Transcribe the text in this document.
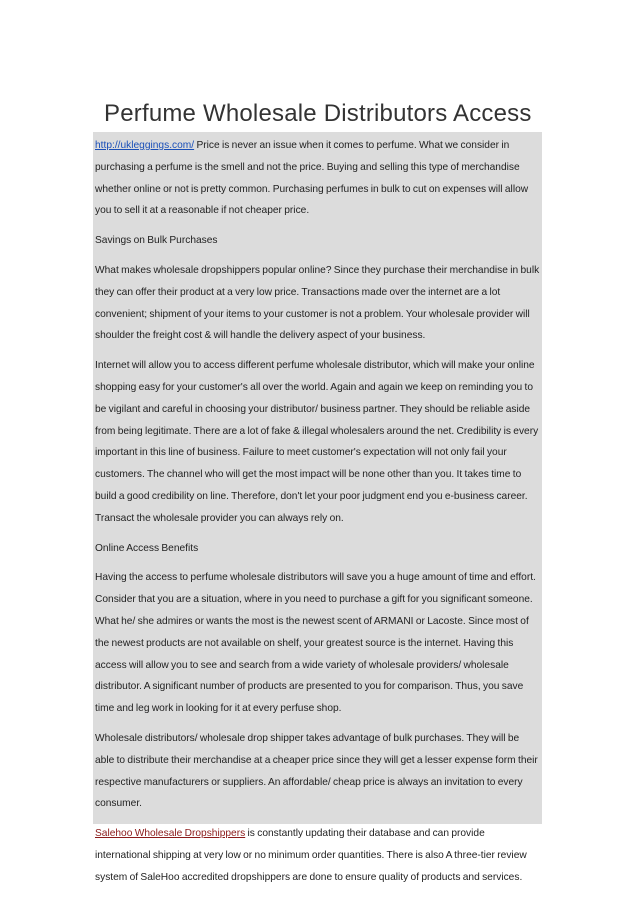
Perfume Wholesale Distributors Access

http://ukleggings.com/ Price is never an issue when it comes to perfume. What we consider in purchasing a perfume is the smell and not the price. Buying and selling this type of merchandise whether online or not is pretty common. Purchasing perfumes in bulk to cut on expenses will allow you to sell it at a reasonable if not cheaper price.

Savings on Bulk Purchases

What makes wholesale dropshippers popular online? Since they purchase their merchandise in bulk they can offer their product at a very low price. Transactions made over the internet are a lot convenient; shipment of your items to your customer is not a problem. Your wholesale provider will shoulder the freight cost & will handle the delivery aspect of your business.

Internet will allow you to access different perfume wholesale distributor, which will make your online shopping easy for your customer's all over the world. Again and again we keep on reminding you to be vigilant and careful in choosing your distributor/ business partner. They should be reliable aside from being legitimate. There are a lot of fake & illegal wholesalers around the net. Credibility is every important in this line of business. Failure to meet customer's expectation will not only fail your customers. The channel who will get the most impact will be none other than you. It takes time to build a good credibility on line. Therefore, don't let your poor judgment end you e-business career. Transact the wholesale provider you can always rely on.

Online Access Benefits

Having the access to perfume wholesale distributors will save you a huge amount of time and effort. Consider that you are a situation, where in you need to purchase a gift for you significant someone. What he/ she admires or wants the most is the newest scent of ARMANI or Lacoste. Since most of the newest products are not available on shelf, your greatest source is the internet. Having this access will allow you to see and search from a wide variety of wholesale providers/ wholesale distributor. A significant number of products are presented to you for comparison. Thus, you save time and leg work in looking for it at every perfuse shop.

Wholesale distributors/ wholesale drop shipper takes advantage of bulk purchases. They will be able to distribute their merchandise at a cheaper price since they will get a lesser expense form their respective manufacturers or suppliers. An affordable/ cheap price is always an invitation to every consumer.

Salehoo Wholesale Dropshippers is constantly updating their database and can provide international shipping at very low or no minimum order quantities. There is also A three-tier review system of SaleHoo accredited dropshippers are done to ensure quality of products and services.
